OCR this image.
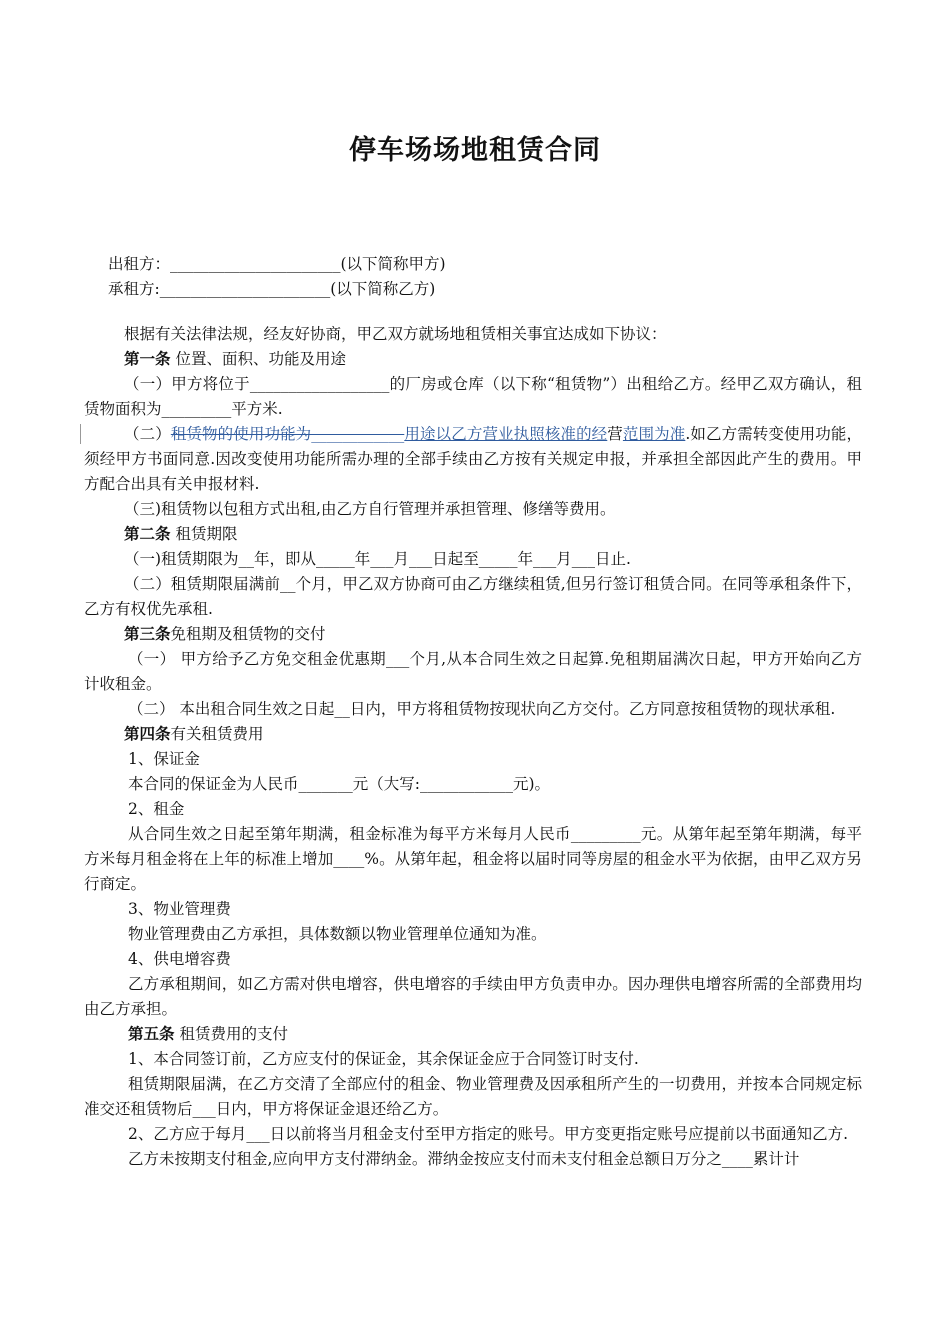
停车场场地租赁合同
出租方：______________________(以下简称甲方)
承租方:______________________(以下简称乙方)

根据有关法律法规，经友好协商，甲乙双方就场地租赁相关事宜达成如下协议：

第一条 位置、面积、功能及用途

（一）甲方将位于__________________的厂房或仓库（以下称“租赁物”）出租给乙方。经甲乙双方确认，租赁物面积为_________平方米.

（二）租赁物的使用功能为____________用途以乙方营业执照核准的经营范围为准.如乙方需转变使用功能，须经甲方书面同意.因改变使用功能所需办理的全部手续由乙方按有关规定申报，并承担全部因此产生的费用。甲方配合出具有关申报材料.

（三)租赁物以包租方式出租,由乙方自行管理并承担管理、修缮等费用。

第二条 租赁期限

（一)租赁期限为__年，即从_____年___月___日起至_____年___月___日止.

（二）租赁期限届满前__个月，甲乙双方协商可由乙方继续租赁,但另行签订租赁合同。在同等承租条件下，乙方有权优先承租.

第三条免租期及租赁物的交付

（一） 甲方给予乙方免交租金优惠期___个月,从本合同生效之日起算.免租期届满次日起，甲方开始向乙方计收租金。

（二） 本出租合同生效之日起__日内，甲方将租赁物按现状向乙方交付。乙方同意按租赁物的现状承租.

第四条有关租赁费用

1、保证金

本合同的保证金为人民币_______元（大写:____________元)。

2、租金

从合同生效之日起至第年期满，租金标准为每平方米每月人民币_________元。从第年起至第年期满，每平方米每月租金将在上年的标准上增加____%。从第年起，租金将以届时同等房屋的租金水平为依据，由甲乙双方另行商定。

3、物业管理费

物业管理费由乙方承担，具体数额以物业管理单位通知为准。

4、供电增容费

乙方承租期间，如乙方需对供电增容，供电增容的手续由甲方负责申办。因办理供电增容所需的全部费用均由乙方承担。

第五条 租赁费用的支付

1、本合同签订前，乙方应支付的保证金，其余保证金应于合同签订时支付.

租赁期限届满，在乙方交清了全部应付的租金、物业管理费及因承租所产生的一切费用，并按本合同规定标准交还租赁物后___日内，甲方将保证金退还给乙方。

2、乙方应于每月___日以前将当月租金支付至甲方指定的账号。甲方变更指定账号应提前以书面通知乙方.

乙方未按期支付租金,应向甲方支付滞纳金。滞纳金按应支付而未支付租金总额日万分之____累计计
